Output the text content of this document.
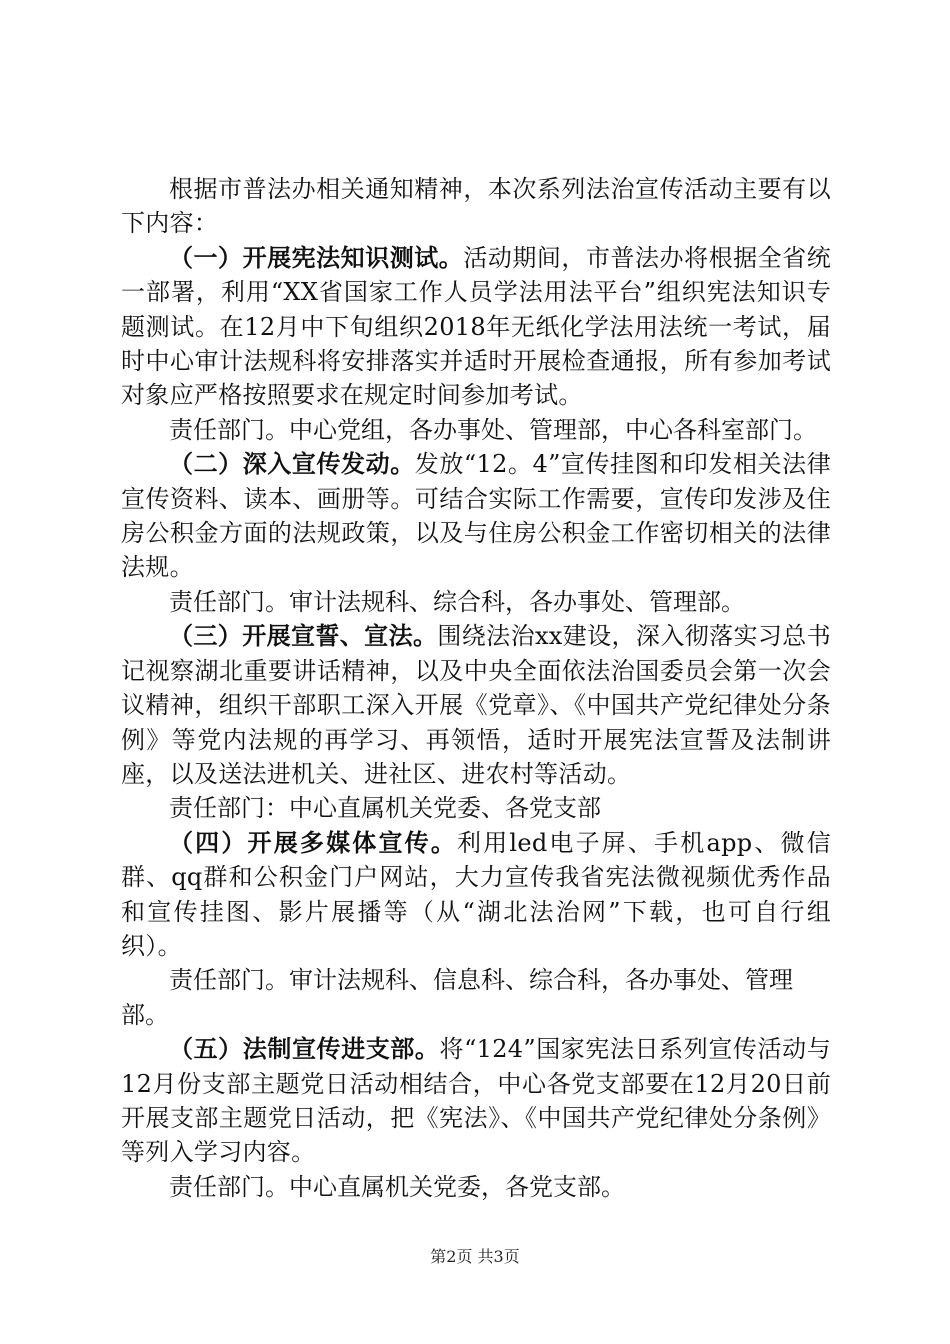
根据市普法办相关通知精神，本次系列法治宣传活动主要有以下内容：

（一）开展宪法知识测试。活动期间，市普法办将根据全省统一部署，利用“XX省国家工作人员学法用法平台”组织宪法知识专题测试。在12月中下旬组织2018年无纸化学法用法统一考试，届时中心审计法规科将安排落实并适时开展检查通报，所有参加考试对象应严格按照要求在规定时间参加考试。

责任部门。中心党组，各办事处、管理部，中心各科室部门。

（二）深入宣传发动。发放“12。4”宣传挂图和印发相关法律宣传资料、读本、画册等。可结合实际工作需要，宣传印发涉及住房公积金方面的法规政策，以及与住房公积金工作密切相关的法律法规。

责任部门。审计法规科、综合科，各办事处、管理部。

（三）开展宣誓、宣法。围绕法治xx建设，深入彻落实习总书记视察湖北重要讲话精神，以及中央全面依法治国委员会第一次会议精神，组织干部职工深入开展《党章》、《中国共产党纪律处分条例》等党内法规的再学习、再领悟，适时开展宪法宣誓及法制讲座，以及送法进机关、进社区、进农村等活动。

责任部门：中心直属机关党委、各党支部

（四）开展多媒体宣传。利用led电子屏、手机app、微信群、qq群和公积金门户网站，大力宣传我省宪法微视频优秀作品和宣传挂图、影片展播等（从“湖北法治网”下载，也可自行组织）。

责任部门。审计法规科、信息科、综合科，各办事处、管理部。

（五）法制宣传进支部。将“124”国家宪法日系列宣传活动与12月份支部主题党日活动相结合，中心各党支部要在12月20日前开展支部主题党日活动，把《宪法》、《中国共产党纪律处分条例》等列入学习内容。

责任部门。中心直属机关党委，各党支部。

第2页 共3页
